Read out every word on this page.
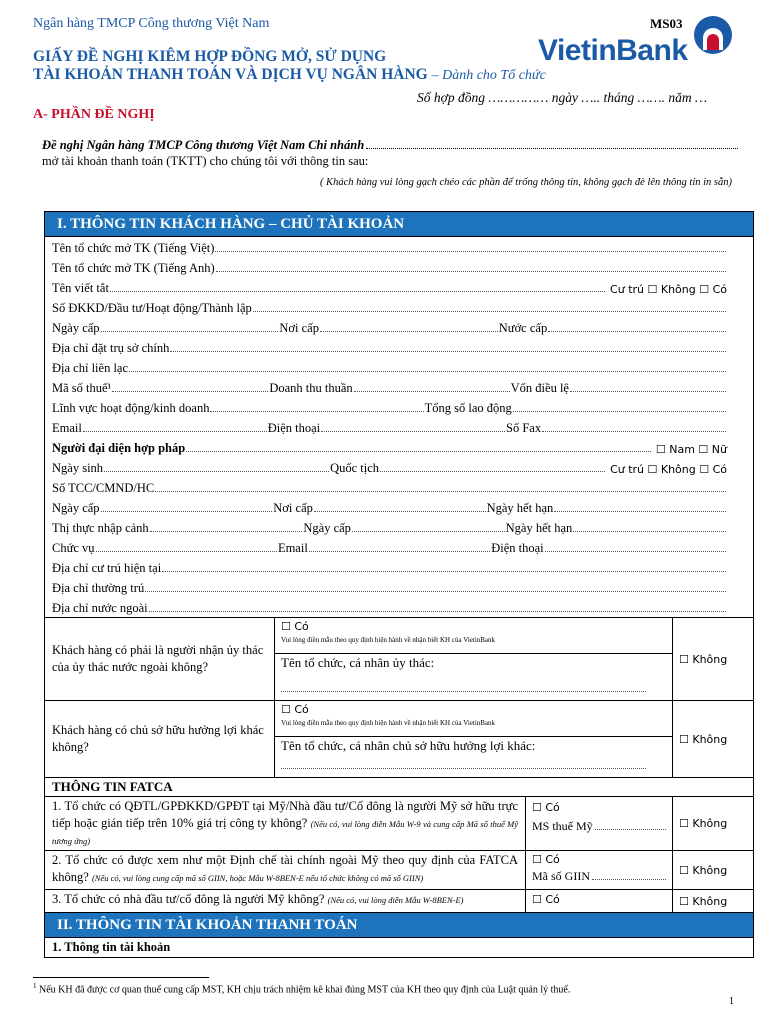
Ngân hàng TMCP Công thương Việt Nam	MS03
VietinBank
GIẤY ĐỀ NGHỊ KIÊM HỢP ĐỒNG MỞ, SỬ DỤNG
TÀI KHOẢN THANH TOÁN VÀ DỊCH VỤ NGÂN HÀNG – Dành cho Tổ chức
Số hợp đồng …………… ngày ….. tháng ……. năm …
A- PHẦN ĐỀ NGHỊ
Đề nghị Ngân hàng TMCP Công thương Việt Nam Chi nhánh
mở tài khoản thanh toán (TKTT) cho chúng tôi với thông tin sau:
( Khách hàng vui lòng gạch chéo các phần để trống thông tin, không gạch đè lên thông tin in sẵn)
I. THÔNG TIN KHÁCH HÀNG – CHỦ TÀI KHOẢN
Tên tổ chức mở TK (Tiếng Việt)
Tên tổ chức mở TK (Tiếng Anh)
Tên viết tắt	Cư trú ☐ Không ☐ Có
Số ĐKKD/Đầu tư/Hoạt động/Thành lập
Ngày cấp	Nơi cấp	Nước cấp
Địa chỉ đặt trụ sở chính
Địa chỉ liên lạc
Mã số thuế¹	Doanh thu thuần	Vốn điều lệ
Lĩnh vực hoạt động/kinh doanh	Tổng số lao động
Email	Điện thoại	Số Fax
Người đại diện hợp pháp	☐ Nam ☐ Nữ
Ngày sinh	Quốc tịch	Cư trú ☐ Không ☐ Có
Số TCC/CMND/HC
Ngày cấp	Nơi cấp	Ngày hết hạn
Thị thực nhập cảnh	Ngày cấp	Ngày hết hạn
Chức vụ	Email	Điện thoại
Địa chỉ cư trú hiện tại
Địa chỉ thường trú
Địa chỉ nước ngoài
Khách hàng có phải là người nhận ủy thác của ủy thác nước ngoài không?
☐ Có
Vui lòng điền mẫu theo quy định hiện hành về nhận biết KH của VietinBank
Tên tổ chức, cá nhân ủy thác:	☐ Không
Khách hàng có chủ sở hữu hưởng lợi khác không?
☐ Có
Vui lòng điền mẫu theo quy định hiện hành về nhận biết KH của VietinBank
Tên tổ chức, cá nhân chủ sở hữu hưởng lợi khác:	☐ Không
THÔNG TIN FATCA
1. Tổ chức có QĐTL/GPĐKKD/GPĐT tại Mỹ/Nhà đầu tư/Cổ đông là người Mỹ sở hữu trực tiếp hoặc gián tiếp trên 10% giá trị công ty không? (Nếu có, vui lòng điền Mẫu W-9 và cung cấp Mã số thuế Mỹ tương ứng)
☐ Có
MS thuế Mỹ	☐ Không
2. Tổ chức có được xem như một Định chế tài chính ngoài Mỹ theo quy định của FATCA không? (Nếu có, vui lòng cung cấp mã số GIIN, hoặc Mẫu W-8BEN-E nếu tổ chức không có mã số GIIN)
☐ Có
Mã số GIIN	☐ Không
3. Tổ chức có nhà đầu tư/cổ đông là người Mỹ không? (Nếu có, vui lòng điền Mẫu W-8BEN-E)	☐ Có	☐ Không
II. THÔNG TIN TÀI KHOẢN THANH TOÁN
1. Thông tin tài khoản
$^1$ Nếu KH đã được cơ quan thuế cung cấp MST, KH chịu trách nhiệm kê khai đúng MST của KH theo quy định của Luật quản lý thuế.
1
